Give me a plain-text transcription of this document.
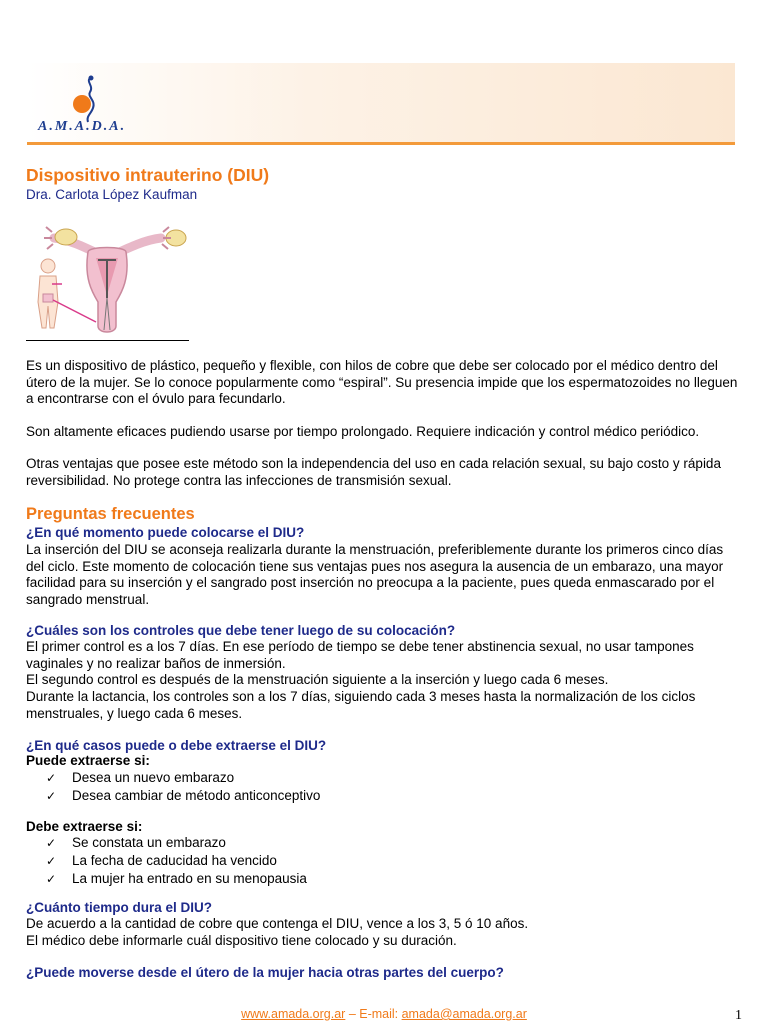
A.M.A.D.A.
Dispositivo intrauterino (DIU)
Dra. Carlota López Kaufman

Es un dispositivo de plástico, pequeño y flexible, con hilos de cobre que debe ser colocado por el médico dentro del útero de la mujer. Se lo conoce popularmente como “espiral”. Su presencia impide que los espermatozoides no lleguen a encontrarse con el óvulo para fecundarlo.

Son altamente eficaces pudiendo usarse por tiempo prolongado. Requiere indicación y control médico periódico.

Otras ventajas que posee este método son la independencia del uso en cada relación sexual, su bajo costo y rápida reversibilidad. No protege contra las infecciones de transmisión sexual.

Preguntas frecuentes
¿En qué momento puede colocarse el DIU?

La inserción del DIU se aconseja realizarla durante la menstruación, preferiblemente durante los primeros cinco días del ciclo. Este momento de colocación tiene sus ventajas pues nos asegura la ausencia de un embarazo, una mayor facilidad para su inserción y el sangrado post inserción no preocupa a la paciente, pues queda enmascarado por el sangrado menstrual.

¿Cuáles son los controles que debe tener luego de su colocación?

El primer control es a los 7 días. En ese período de tiempo se debe tener abstinencia sexual, no usar tampones vaginales y no realizar baños de inmersión.

El segundo control es después de la menstruación siguiente a la inserción y luego cada 6 meses.

Durante la lactancia, los controles son a los 7 días, siguiendo cada 3 meses hasta la normalización de los ciclos menstruales, y luego cada 6 meses.

¿En qué casos puede o debe extraerse el DIU?
Puede extraerse si:
✓	Desea un nuevo embarazo
✓	Desea cambiar de método anticonceptivo
Debe extraerse si:
✓	Se constata un embarazo
✓	La fecha de caducidad ha vencido
✓	La mujer ha entrado en su menopausia
¿Cuánto tiempo dura el DIU?

De acuerdo a la cantidad de cobre que contenga el DIU, vence a los 3, 5 ó 10 años.

El médico debe informarle cuál dispositivo tiene colocado y su duración.

¿Puede moverse desde el útero de la mujer hacia otras partes del cuerpo?
www.amada.org.ar – E-mail: amada@amada.org.ar	1
